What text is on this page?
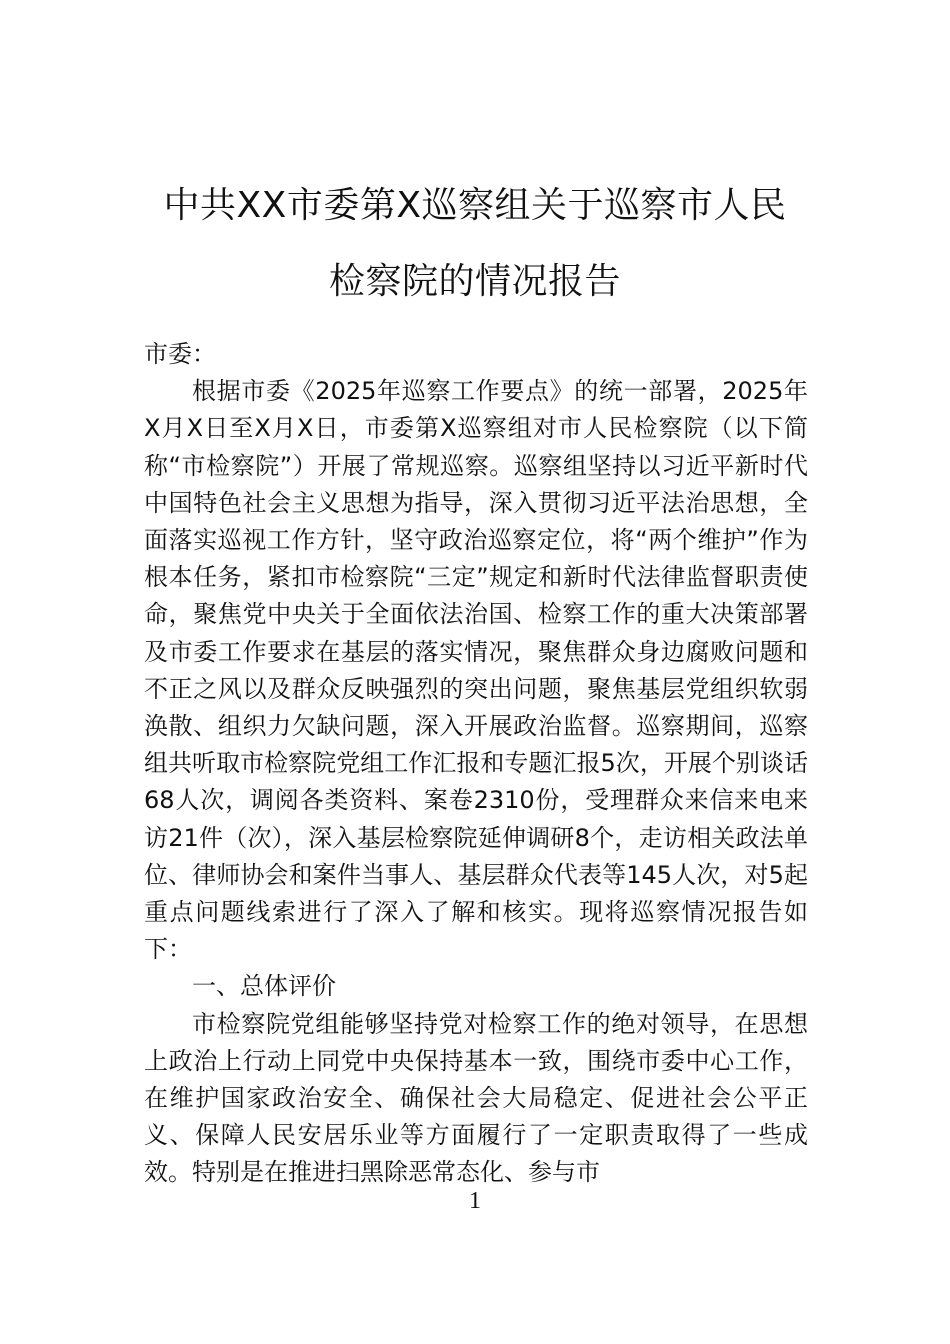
中共XX市委第X巡察组关于巡察市人民
检察院的情况报告

市委：

根据市委《2025年巡察工作要点》的统一部署，2025年X月X日至X月X日，市委第X巡察组对市人民检察院（以下简称“市检察院”）开展了常规巡察。巡察组坚持以习近平新时代中国特色社会主义思想为指导，深入贯彻习近平法治思想，全面落实巡视工作方针，坚守政治巡察定位，将“两个维护”作为根本任务，紧扣市检察院“三定”规定和新时代法律监督职责使命，聚焦党中央关于全面依法治国、检察工作的重大决策部署及市委工作要求在基层的落实情况，聚焦群众身边腐败问题和不正之风以及群众反映强烈的突出问题，聚焦基层党组织软弱涣散、组织力欠缺问题，深入开展政治监督。巡察期间，巡察组共听取市检察院党组工作汇报和专题汇报5次，开展个别谈话68人次，调阅各类资料、案卷2310份，受理群众来信来电来访21件（次），深入基层检察院延伸调研8个，走访相关政法单位、律师协会和案件当事人、基层群众代表等145人次，对5起重点问题线索进行了深入了解和核实。现将巡察情况报告如下：

一、总体评价

市检察院党组能够坚持党对检察工作的绝对领导，在思想上政治上行动上同党中央保持基本一致，围绕市委中心工作，在维护国家政治安全、确保社会大局稳定、促进社会公平正义、保障人民安居乐业等方面履行了一定职责取得了一些成效。特别是在推进扫黑除恶常态化、参与市

1
